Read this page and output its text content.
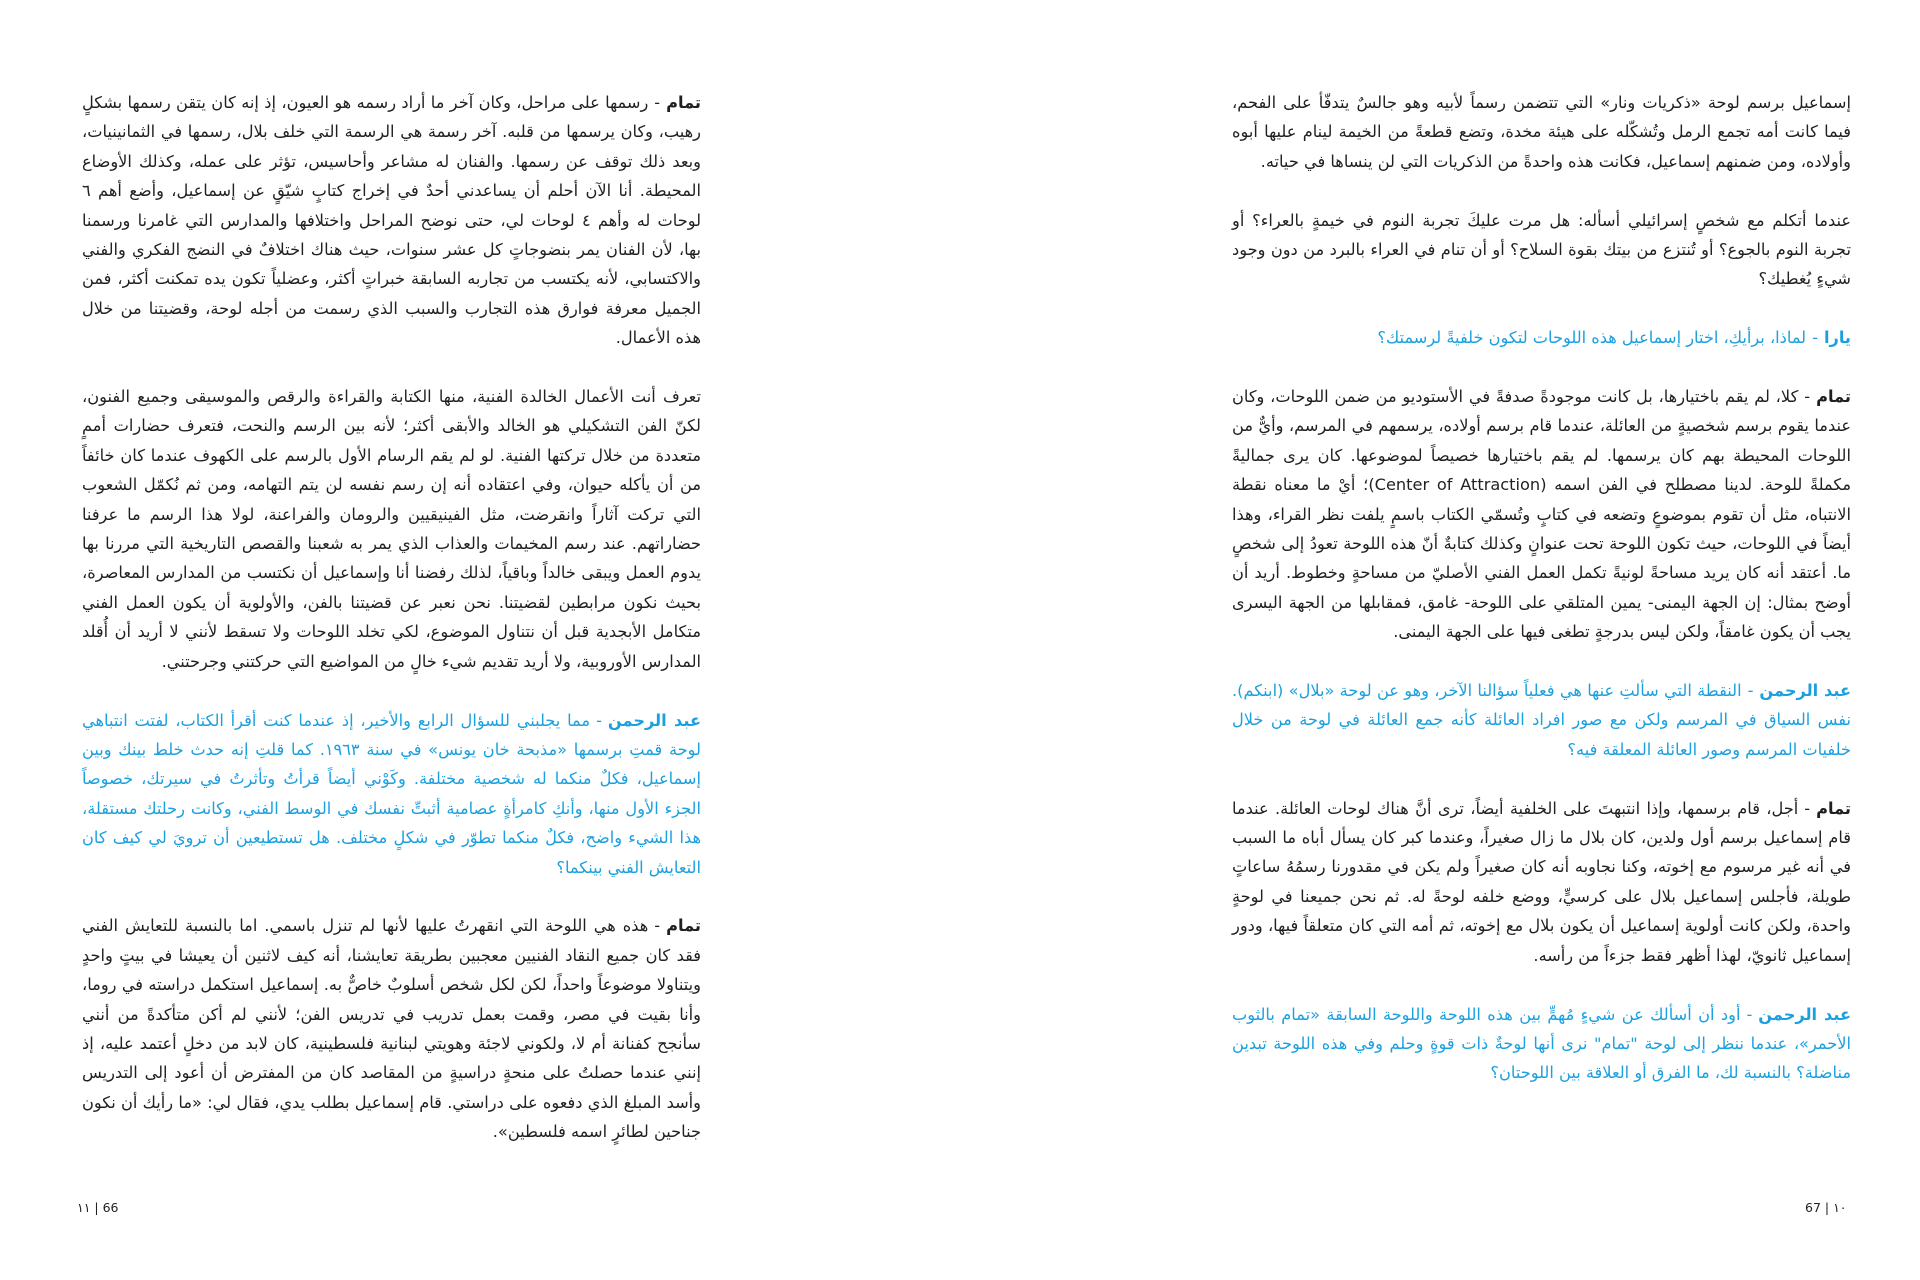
تمام-رسمها على مراحل، وكان آخر ما أراد رسمه هو العيون، إذ إنه كان يتقن رسمها بشكلٍ رهيب، وكان يرسمها من قلبه. آخر رسمة هي الرسمة التي خلف بلال، رسمها في الثمانينيات، وبعد ذلك توقف عن رسمها. والفنان له مشاعر وأحاسيس، تؤثر على عمله، وكذلك الأوضاع المحيطة. أنا الآن أحلم أن يساعدني أحدٌ في إخراج كتابٍ شيّقٍ عن إسماعيل، وأضع أهم ٦ لوحات له وأهم ٤ لوحات لي، حتى نوضح المراحل واختلافها والمدارس التي غامرنا ورسمنا بها، لأن الفنان يمر بنضوجاتٍ كل عشر سنوات، حيث هناك اختلافٌ في النضج الفكري والفني والاكتسابي، لأنه يكتسب من تجاربه السابقة خبراتٍ أكثر، وعضلياً تكون يده تمكنت أكثر، فمن الجميل معرفة فوارق هذه التجارب والسبب الذي رسمت من أجله لوحة، وقضيتنا من خلال هذه الأعمال.

تعرف أنت الأعمال الخالدة الفنية، منها الكتابة والقراءة والرقص والموسيقى وجميع الفنون، لكنّ الفن التشكيلي هو الخالد والأبقى أكثر؛ لأنه بين الرسم والنحت، فتعرف حضارات أممٍ متعددة من خلال تركتها الفنية. لو لم يقم الرسام الأول بالرسم على الكهوف عندما كان خائفاً من أن يأكله حيوان، وفي اعتقاده أنه إن رسم نفسه لن يتم التهامه، ومن ثم نُكمّل الشعوب التي تركت آثاراً وانقرضت، مثل الفينيقيين والرومان والفراعنة، لولا هذا الرسم ما عرفنا حضاراتهم. عند رسم المخيمات والعذاب الذي يمر به شعبنا والقصص التاريخية التي مررنا بها يدوم العمل ويبقى خالداً وباقياً، لذلك رفضنا أنا وإسماعيل أن نكتسب من المدارس المعاصرة، بحيث نكون مرابطين لقضيتنا. نحن نعبر عن قضيتنا بالفن، والأولوية أن يكون العمل الفني متكامل الأبجدية قبل أن نتناول الموضوع، لكي تخلد اللوحات ولا تسقط لأنني لا أريد أن أُقلد المدارس الأوروبية، ولا أريد تقديم شيء خالٍ من المواضيع التي حركتني وجرحتني.

عبد الرحمن-مما يجلبني للسؤال الرابع والأخير، إذ عندما كنت أقرأ الكتاب، لفتت انتباهي لوحة قمتِ برسمها «مذبحة خان يونس» في سنة ١٩٦٣. كما قلتِ إنه حدث خلط بينك وبين إسماعيل، فكلٌ منكما له شخصية مختلفة. وكَوْني أيضاً قرأتُ وتأثرتُ في سيرتك، خصوصاً الجزء الأول منها، وأنكِ كامرأةٍ عصامية أثبتِّ نفسك في الوسط الفني، وكانت رحلتك مستقلة، هذا الشيء واضح، فكلٌ منكما تطوّر في شكلٍ مختلف. هل تستطيعين أن ترويَ لي كيف كان التعايش الفني بينكما؟

تمام-هذه هي اللوحة التي انقهرتُ عليها لأنها لم تنزل باسمي. اما بالنسبة للتعايش الفني فقد كان جميع النقاد الفنيين معجبين بطريقة تعايشنا، أنه كيف لاثنين أن يعيشا في بيتٍ واحدٍ ويتناولا موضوعاً واحداً، لكن لكل شخص أسلوبٌ خاصٌّ به. إسماعيل استكمل دراسته في روما، وأنا بقيت في مصر، وقمت بعمل تدريب في تدريس الفن؛ لأنني لم أكن متأكدةً من أنني سأنجح كفنانة أم لا، ولكوني لاجئة وهويتي لبنانية فلسطينية، كان لابد من دخلٍ أعتمد عليه، إذ إنني عندما حصلتُ على منحةٍ دراسيةٍ من المقاصد كان من المفترض أن أعود إلى التدريس وأسد المبلغ الذي دفعوه على دراستي. قام إسماعيل بطلب يدي، فقال لي: «ما رأيك أن نكون جناحين لطائرٍ اسمه فلسطين».

١١ | 66

إسماعيل برسم لوحة «ذكريات ونار» التي تتضمن رسماً لأبيه وهو جالسٌ يتدفّأ على الفحم، فيما كانت أمه تجمع الرمل وتُشكّله على هيئة مخدة، وتضع قطعةً من الخيمة لينام عليها أبوه وأولاده، ومن ضمنهم إسماعيل، فكانت هذه واحدةً من الذكريات التي لن ينساها في حياته.

عندما أتكلم مع شخصٍ إسرائيلي أسأله: هل مرت عليكَ تجربة النوم في خيمةٍ بالعراء؟ أو تجربة النوم بالجوع؟ أو تُنتزع من بيتك بقوة السلاح؟ أو أن تنام في العراء بالبرد من دون وجود شيءٍ يُغطيك؟

يارا-لماذا، برأيكِ، اختار إسماعيل هذه اللوحات لتكون خلفيةً لرسمتك؟

تمام-كلا، لم يقم باختيارها، بل كانت موجودةً صدفةً في الأستوديو من ضمن اللوحات، وكان عندما يقوم برسم شخصيةٍ من العائلة، عندما قام برسم أولاده، يرسمهم في المرسم، وأيٌّ من اللوحات المحيطة بهم كان يرسمها. لم يقم باختيارها خصيصاً لموضوعها. كان يرى جماليةً مكملةً للوحة. لدينا مصطلح في الفن اسمه (Center of Attraction)؛ أيْ ما معناه نقطة الانتباه، مثل أن تقوم بموضوعٍ وتضعه في كتابٍ وتُسمّي الكتاب باسمٍ يلفت نظر القراء، وهذا أيضاً في اللوحات، حيث تكون اللوحة تحت عنوانٍ وكذلك كتابةٌ أنّ هذه اللوحة تعودُ إلى شخصٍ ما. أعتقد أنه كان يريد مساحةً لونيةً تكمل العمل الفني الأصليّ من مساحةٍ وخطوط. أريد أن أوضح بمثال: إن الجهة اليمنى- يمين المتلقي على اللوحة- غامق، فمقابلها من الجهة اليسرى يجب أن يكون غامقاً، ولكن ليس بدرجةٍ تطغى فيها على الجهة اليمنى.

عبد الرحمن-النقطة التي سألتِ عنها هي فعلياً سؤالنا الآخر، وهو عن لوحة «بلال» (ابنكم). نفس السياق في المرسم ولكن مع صور افراد العائلة كأنه جمع العائلة في لوحة من خلال خلفيات المرسم وصور العائلة المعلقة فيه؟

تمام-أجل، قام برسمها، وإذا انتبهتَ على الخلفية أيضاً، ترى أنَّ هناك لوحات العائلة. عندما قام إسماعيل برسم أول ولدين، كان بلال ما زال صغيراً، وعندما كبر كان يسأل أباه ما السبب في أنه غير مرسوم مع إخوته، وكنا نجاوبه أنه كان صغيراً ولم يكن في مقدورنا رسمُهُ ساعاتٍ طويلة، فأجلس إسماعيل بلال على كرسيٍّ، ووضع خلفه لوحةً له. ثم نحن جميعنا في لوحةٍ واحدة، ولكن كانت أولوية إسماعيل أن يكون بلال مع إخوته، ثم أمه التي كان متعلقاً فيها، ودور إسماعيل ثانويّ، لهذا أظهر فقط جزءاً من رأسه.

عبد الرحمن-أود أن أسألك عن شيءٍ مُهمٍّ بين هذه اللوحة واللوحة السابقة «تمام بالثوب الأحمر»، عندما ننظر إلى لوحة "تمام" نرى أنها لوحةٌ ذات قوةٍ وحلم وفي هذه اللوحة تبدين مناضلة؟ بالنسبة لك، ما الفرق أو العلاقة بين اللوحتان؟

67 | ١٠
